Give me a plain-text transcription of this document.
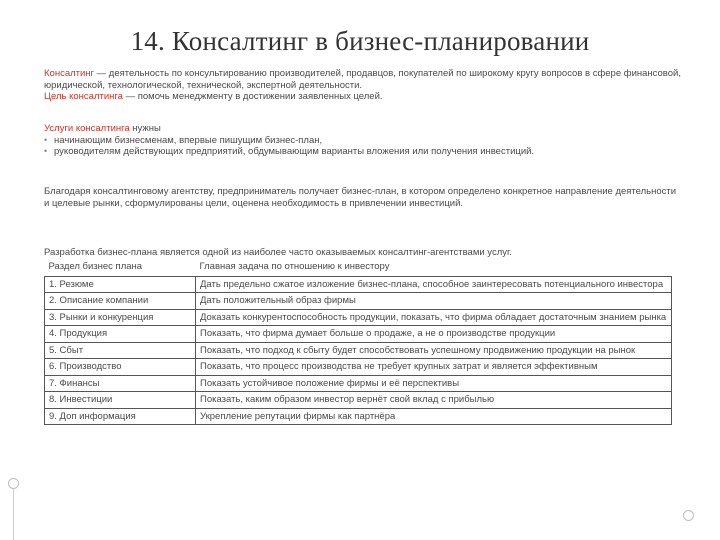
14. Консалтинг в бизнес-планировании
Консалтинг — деятельность по консультированию производителей, продавцов, покупателей по широкому кругу вопросов в сфере финансовой, юридической, технологической, технической, экспертной деятельности.
Цель консалтинга — помочь менеджменту в достижении заявленных целей.
Услуги консалтинга нужны
• начинающим бизнесменам, впервые пишущим бизнес-план,
• руководителям действующих предприятий, обдумывающим варианты вложения или получения инвестиций.
Благодаря консалтинговому агентству, предприниматель получает бизнес-план, в котором определено конкретное направление деятельности и целевые рынки, сформулированы цели, оценена необходимость в привлечении инвестиций.
Разработка бизнес-плана является одной из наиболее часто оказываемых консалтинг-агентствами услуг.
Раздел бизнес плана	Главная задача по отношению к инвестору
1. Резюме	Дать предельно сжатое изложение бизнес-плана, способное заинтересовать потенциального инвестора
2. Описание компании	Дать положительный образ фирмы
3. Рынки и конкуренция	Доказать конкурентоспособность продукции, показать, что фирма обладает достаточным знанием рынка
4. Продукция	Показать, что фирма думает больше о продаже, а не о производстве продукции
5. Сбыт	Показать, что подход к сбыту будет способствовать успешному продвижению продукции на рынок
6. Производство	Показать, что процесс производства не требует крупных затрат и является эффективным
7. Финансы	Показать устойчивое положение фирмы и её перспективы
8. Инвестиции	Показать, каким образом инвестор вернёт свой вклад с прибылью
9. Доп информация	Укрепление репутации фирмы как партнёра
